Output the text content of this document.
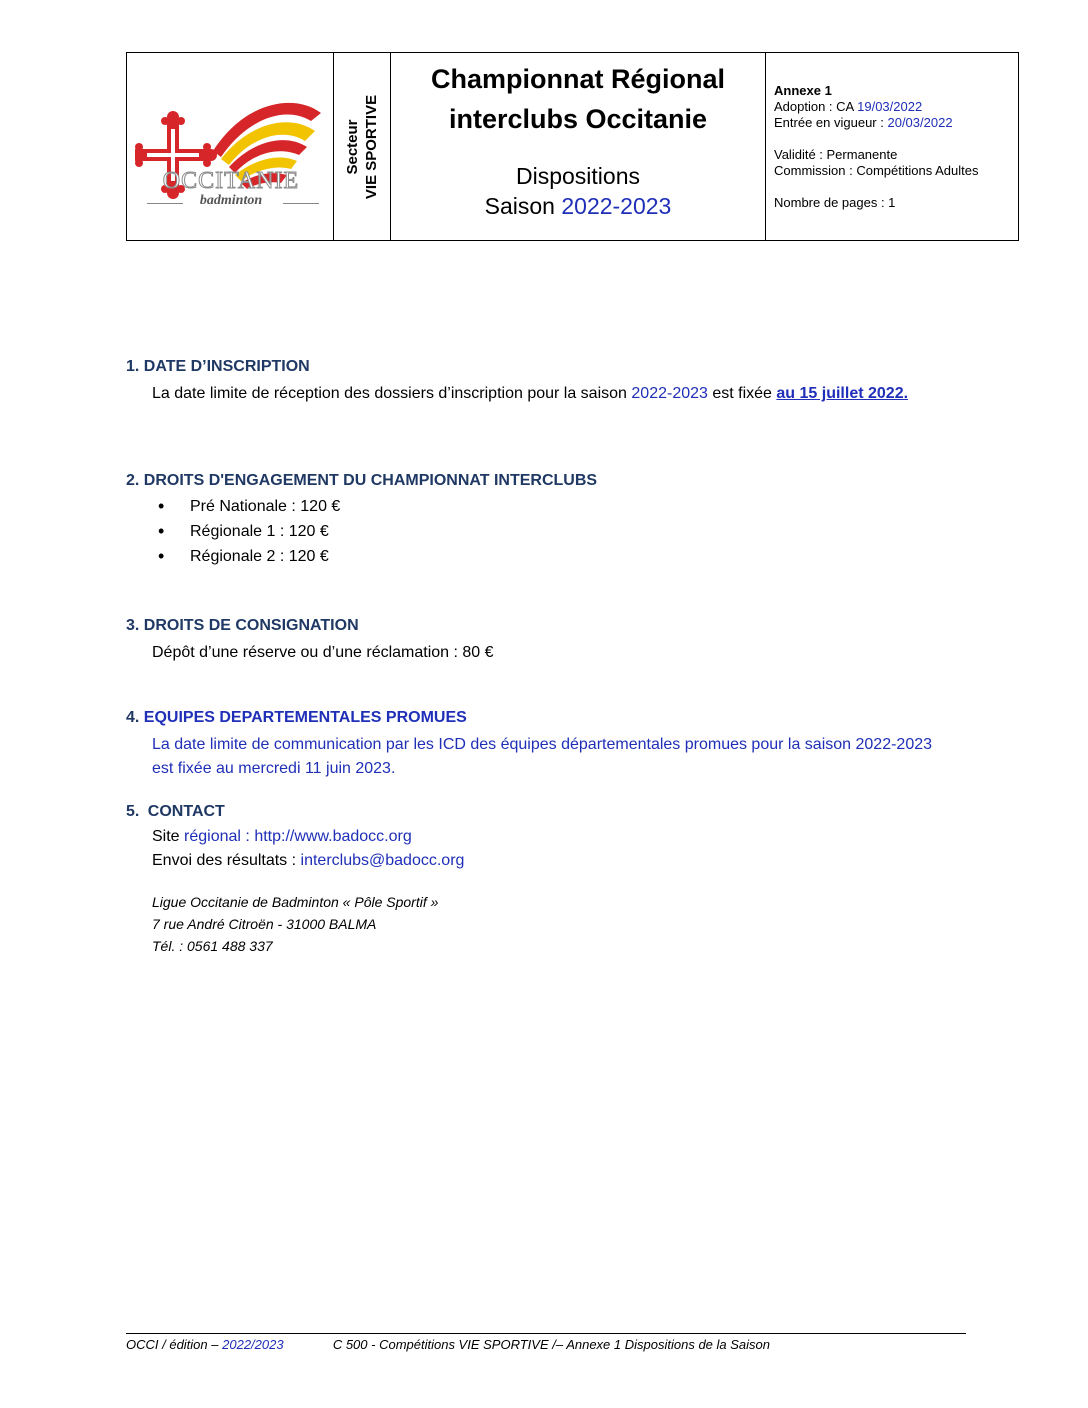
OCCITANIE
badminton
Secteur VIE SPORTIVE
Championnat Régional
interclubs Occitanie
Dispositions
Saison 2022-2023
Annexe 1
Adoption : CA 19/03/2022
Entrée en vigueur : 20/03/2022
Validité : Permanente
Commission : Compétitions Adultes
Nombre de pages : 1
1. DATE D’INSCRIPTION
La date limite de réception des dossiers d’inscription pour la saison 2022-2023 est fixée au 15 juillet 2022.
2. DROITS D'ENGAGEMENT DU CHAMPIONNAT INTERCLUBS
• Pré Nationale : 120 €
• Régionale 1 : 120 €
• Régionale 2 : 120 €
3. DROITS DE CONSIGNATION
Dépôt d’une réserve ou d’une réclamation : 80 €
4. EQUIPES DEPARTEMENTALES PROMUES
La date limite de communication par les ICD des équipes départementales promues pour la saison 2022-2023 est fixée au mercredi 11 juin 2023.
5. CONTACT
Site régional : http://www.badocc.org
Envoi des résultats : interclubs@badocc.org
Ligue Occitanie de Badminton « Pôle Sportif »
7 rue André Citroën - 31000 BALMA
Tél. : 0561 488 337
OCCI / édition – 2022/2023	C 500 - Compétitions VIE SPORTIVE /– Annexe 1 Dispositions de la Saison
